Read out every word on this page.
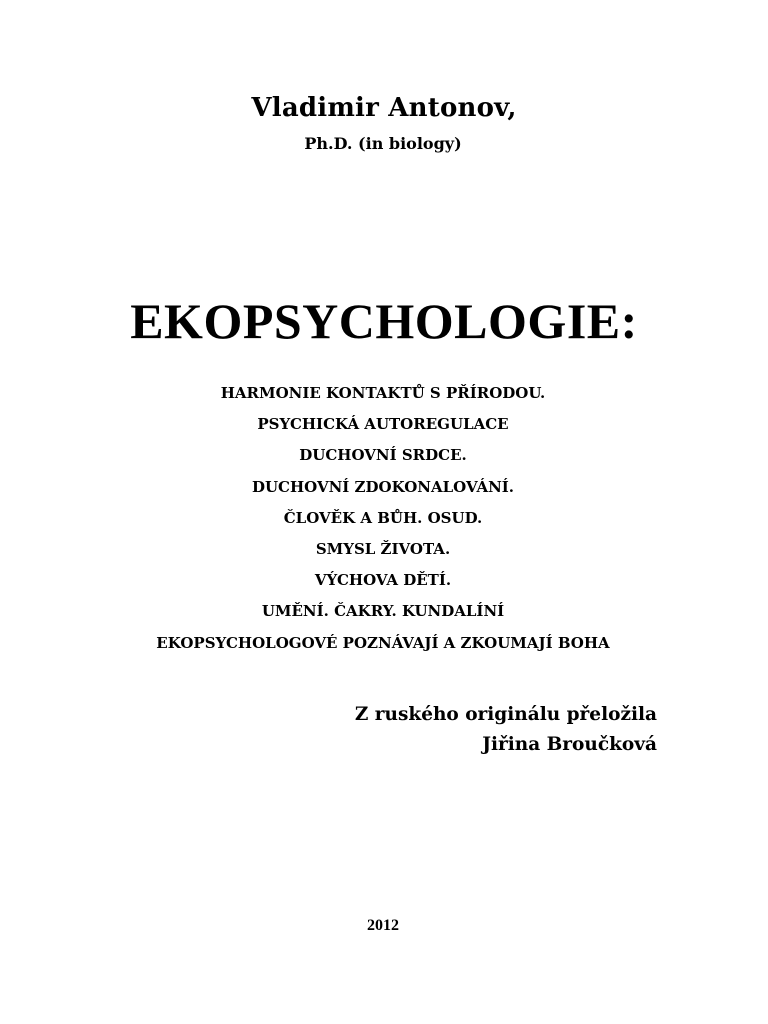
Vladimir Antonov,
Ph.D. (in biology)
EKOPSYCHOLOGIE:
HARMONIE KONTAKTŮ S PŘÍRODOU.
PSYCHICKÁ AUTOREGULACE
DUCHOVNÍ SRDCE.
DUCHOVNÍ ZDOKONALOVÁNÍ.
ČLOVĚK A BŮH. OSUD.
SMYSL ŽIVOTA.
VÝCHOVA DĚTÍ.
UMĚNÍ. ČAKRY. KUNDALÍNÍ
EKOPSYCHOLOGOVÉ POZNÁVAJÍ A ZKOUMAJÍ BOHA
Z ruského originálu přeložila
Jiřina Broučková
2012
